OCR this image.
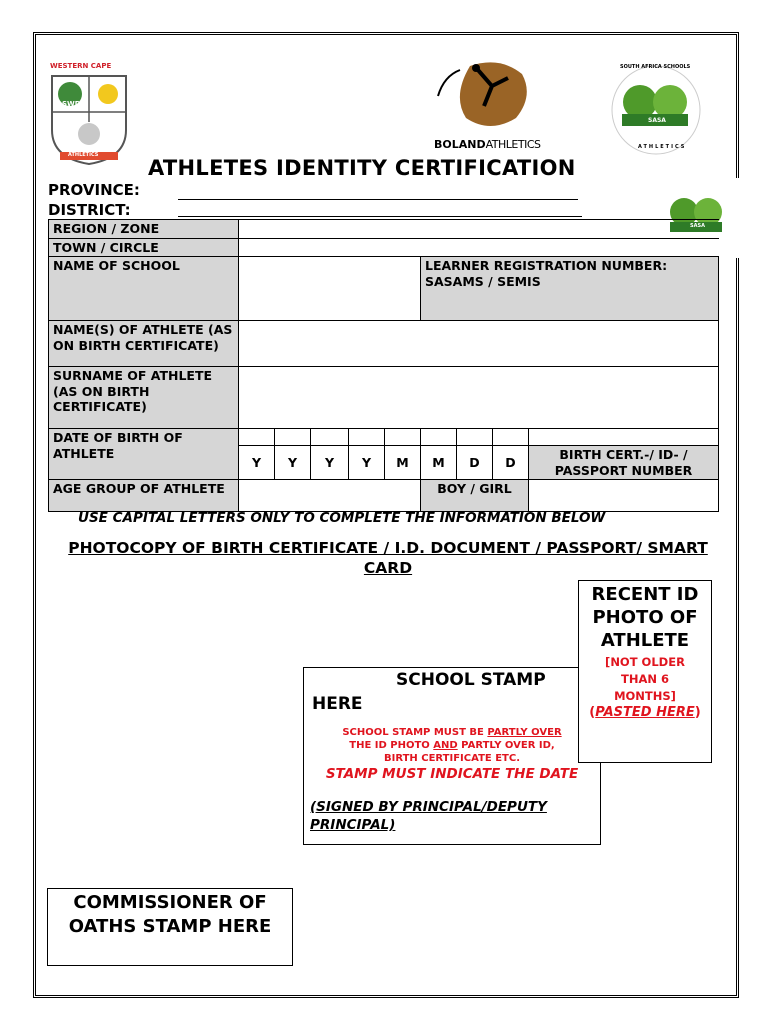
WESTERN CAPE
SWD
ATHLETICS
BOLANDATHLETICS
SOUTH AFRICA SCHOOLS
SASA
ATHLETICS
ATHLETES IDENTITY CERTIFICATION
SASA
PROVINCE:
DISTRICT:
REGION / ZONE									
TOWN / CIRCLE									
NAME OF SCHOOL						LEARNER REGISTRATION NUMBER: SASAMS / SEMIS			
NAME(S) OF ATHLETE (AS ON BIRTH CERTIFICATE)									
SURNAME OF ATHLETE (AS ON BIRTH CERTIFICATE)									
DATE OF BIRTH OF ATHLETE									
	Y	Y	Y	Y	M	M	D	D	BIRTH CERT.-/ ID- / PASSPORT NUMBER
AGE GROUP OF ATHLETE						BOY / GIRL			
USE CAPITAL LETTERS ONLY TO COMPLETE THE INFORMATION BELOW
PHOTOCOPY OF BIRTH CERTIFICATE / I.D. DOCUMENT / PASSPORT/ SMART CARD
SCHOOL STAMP
HERE
SCHOOL STAMP MUST BE PARTLY OVER
THE ID PHOTO AND PARTLY OVER ID,
BIRTH CERTIFICATE ETC.
STAMP MUST INDICATE THE DATE
(SIGNED BY PRINCIPAL/DEPUTY PRINCIPAL)
RECENT ID PHOTO OF ATHLETE
[NOT OLDER THAN 6 MONTHS]
(PASTED HERE)
COMMISSIONER OF OATHS STAMP HERE
